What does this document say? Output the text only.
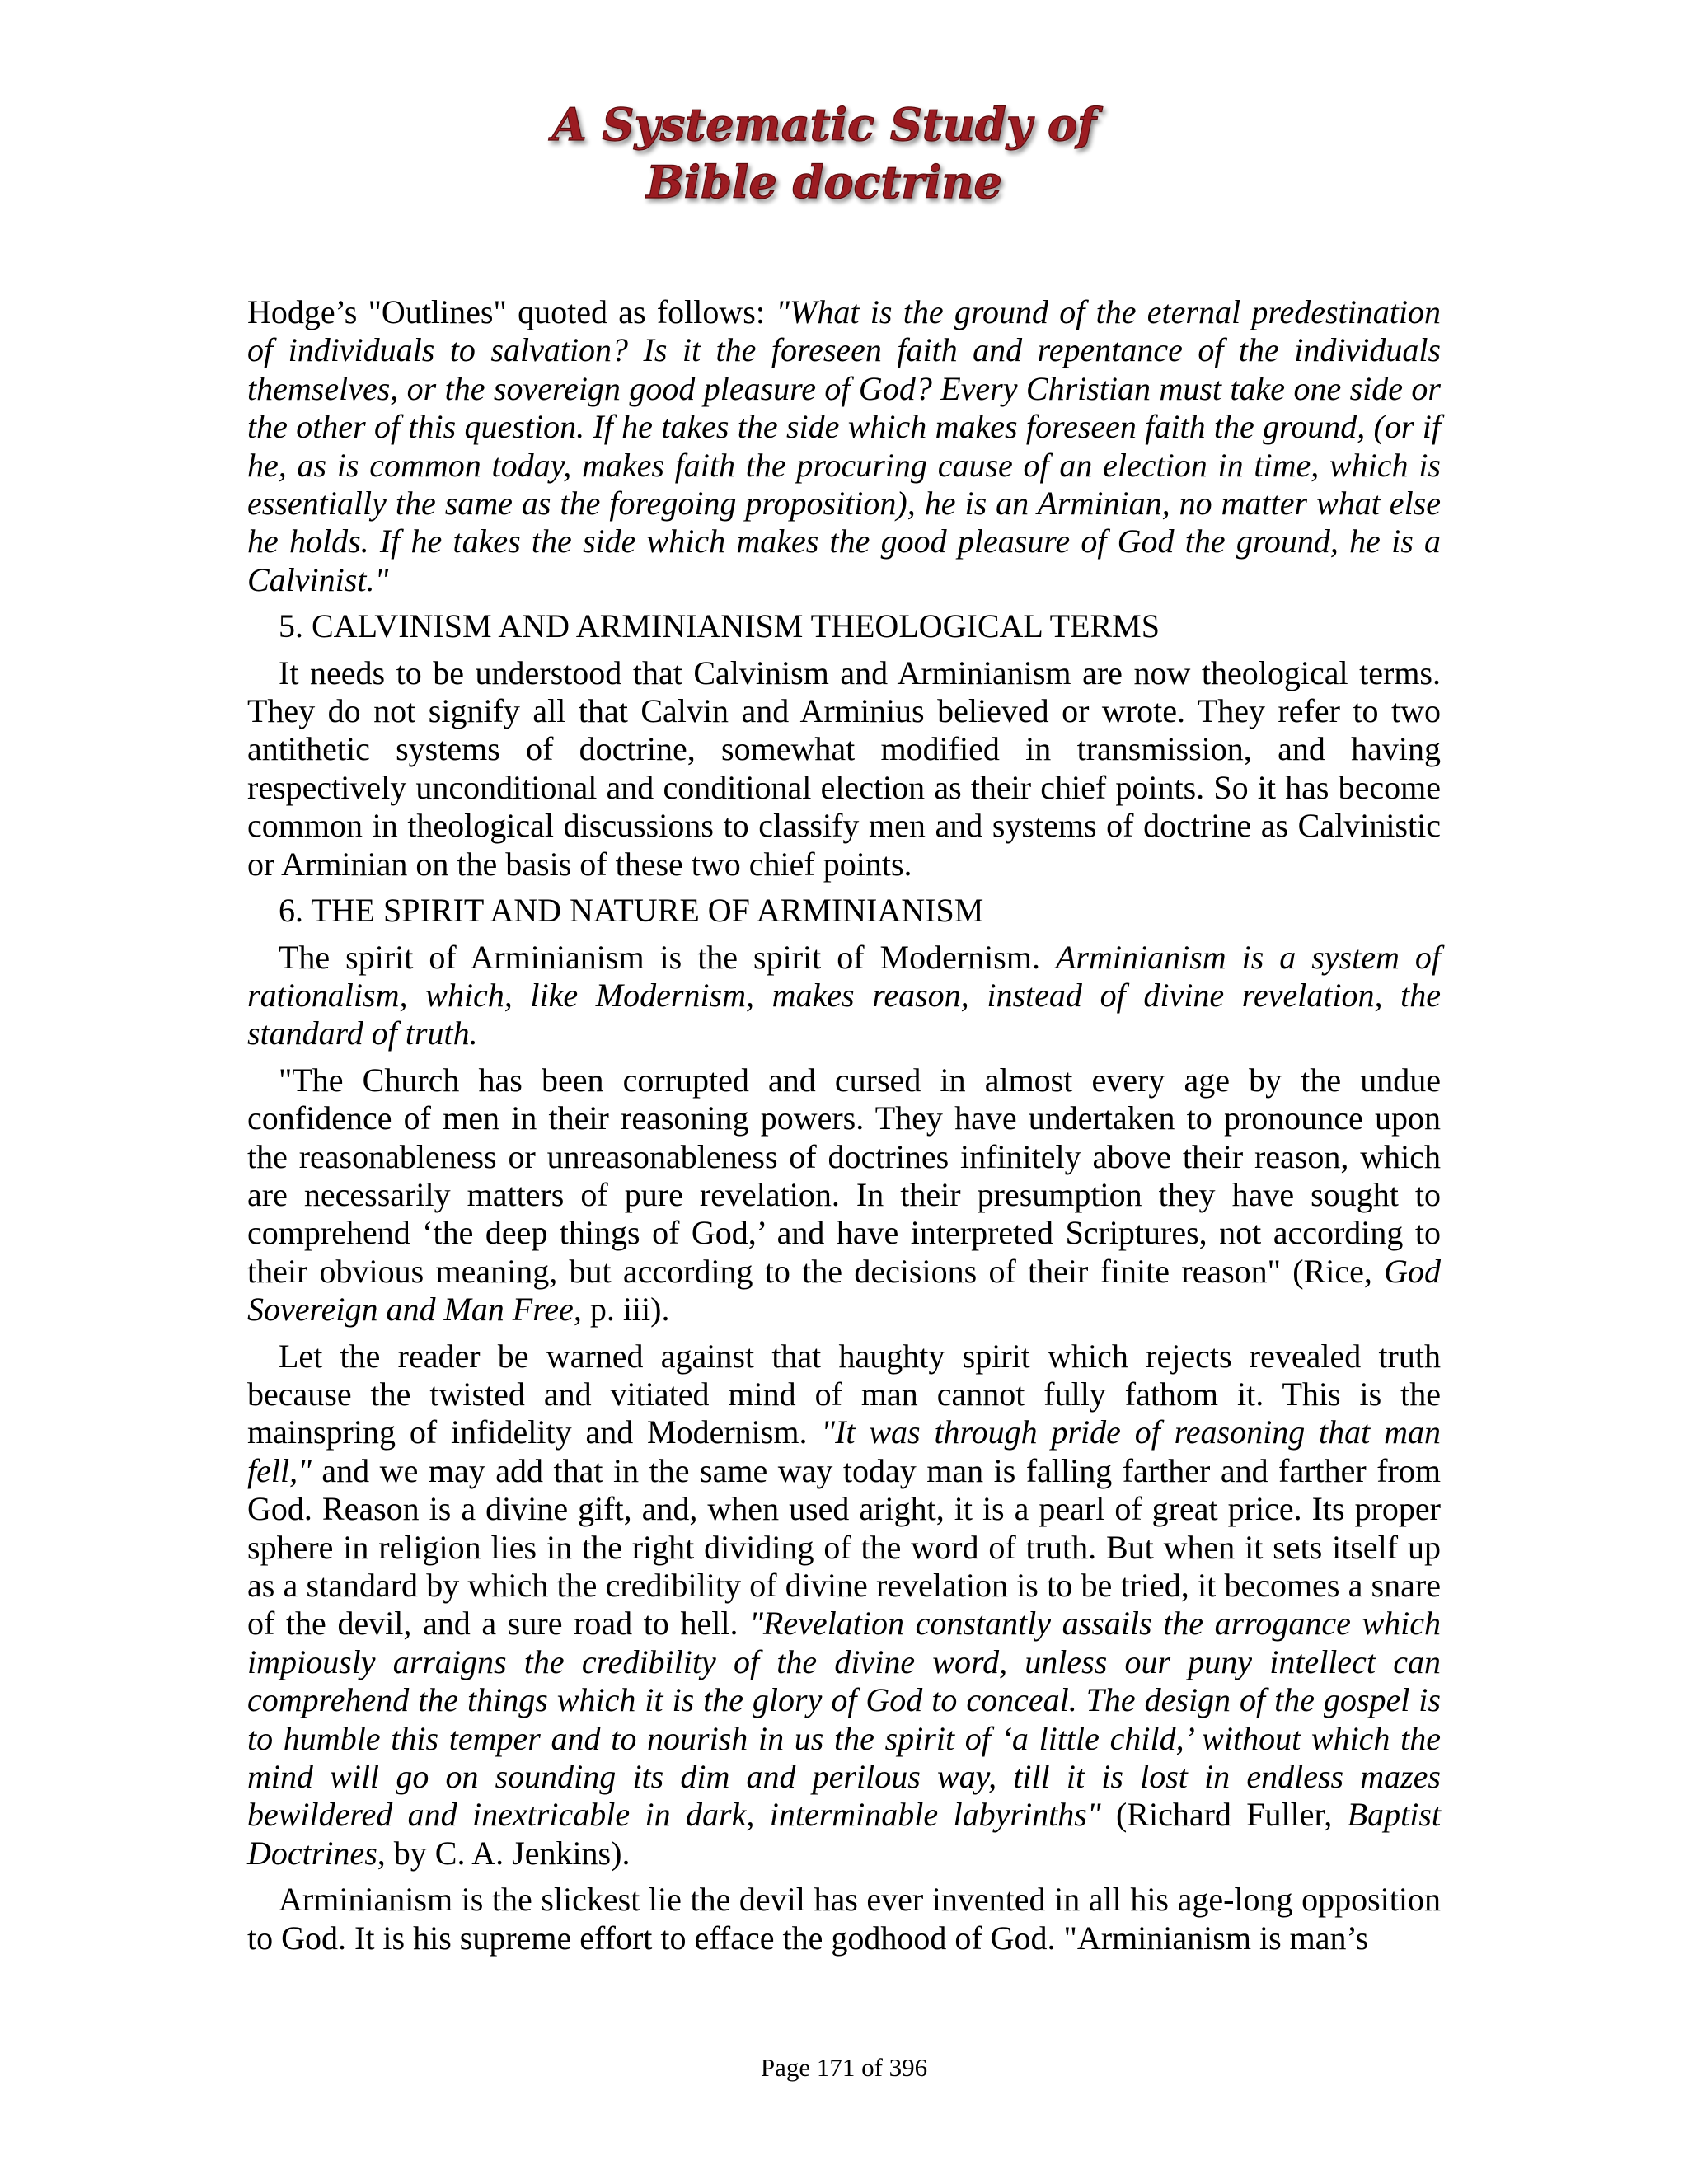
A Systematic Study of
Bible doctrine

Hodge’s "Outlines" quoted as follows: "What is the ground of the eternal predestination of individuals to salvation? Is it the foreseen faith and repentance of the individuals themselves, or the sovereign good pleasure of God? Every Christian must take one side or the other of this question. If he takes the side which makes foreseen faith the ground, (or if he, as is common today, makes faith the procuring cause of an election in time, which is essentially the same as the foregoing proposition), he is an Arminian, no matter what else he holds. If he takes the side which makes the good pleasure of God the ground, he is a Calvinist."

5. CALVINISM AND ARMINIANISM THEOLOGICAL TERMS

It needs to be understood that Calvinism and Arminianism are now theological terms. They do not signify all that Calvin and Arminius believed or wrote. They refer to two antithetic systems of doctrine, somewhat modified in transmission, and having respectively unconditional and conditional election as their chief points. So it has become common in theological discussions to classify men and systems of doctrine as Calvinistic or Arminian on the basis of these two chief points.

6. THE SPIRIT AND NATURE OF ARMINIANISM

The spirit of Arminianism is the spirit of Modernism. Arminianism is a system of rationalism, which, like Modernism, makes reason, instead of divine revelation, the standard of truth.

"The Church has been corrupted and cursed in almost every age by the undue confidence of men in their reasoning powers. They have undertaken to pronounce upon the reasonableness or unreasonableness of doctrines infinitely above their reason, which are necessarily matters of pure revelation. In their presumption they have sought to comprehend ‘the deep things of God,’ and have interpreted Scriptures, not according to their obvious meaning, but according to the decisions of their finite reason" (Rice, God Sovereign and Man Free, p. iii).

Let the reader be warned against that haughty spirit which rejects revealed truth because the twisted and vitiated mind of man cannot fully fathom it. This is the mainspring of infidelity and Modernism. "It was through pride of reasoning that man fell," and we may add that in the same way today man is falling farther and farther from God. Reason is a divine gift, and, when used aright, it is a pearl of great price. Its proper sphere in religion lies in the right dividing of the word of truth. But when it sets itself up as a standard by which the credibility of divine revelation is to be tried, it becomes a snare of the devil, and a sure road to hell. "Revelation constantly assails the arrogance which impiously arraigns the credibility of the divine word, unless our puny intellect can comprehend the things which it is the glory of God to conceal. The design of the gospel is to humble this temper and to nourish in us the spirit of ‘a little child,’ without which the mind will go on sounding its dim and perilous way, till it is lost in endless mazes bewildered and inextricable in dark, interminable labyrinths" (Richard Fuller, Baptist Doctrines, by C. A. Jenkins).

Arminianism is the slickest lie the devil has ever invented in all his age-long opposition to God. It is his supreme effort to efface the godhood of God. "Arminianism is man’s

Page 171 of 396
